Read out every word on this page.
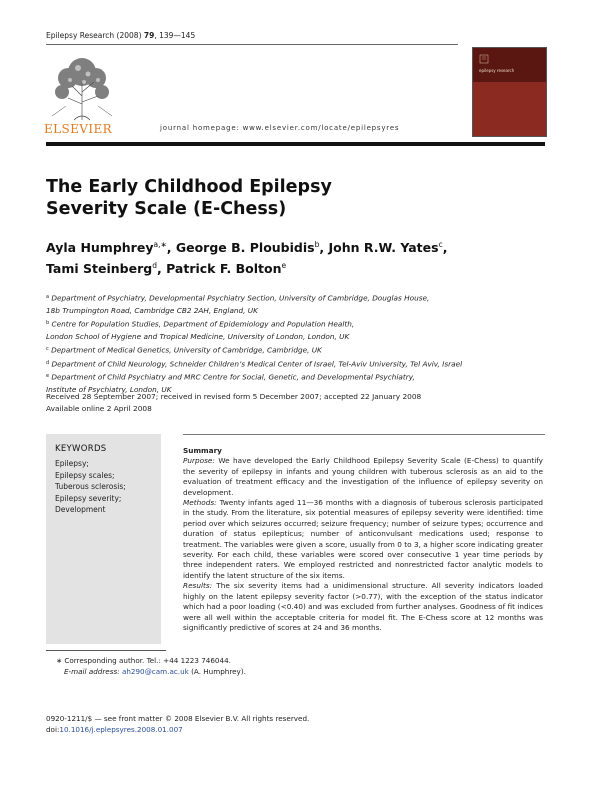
Epilepsy Research (2008) 79, 139—145
ELSEVIER	journal homepage: www.elsevier.com/locate/epilepsyres
epilepsy research
The Early Childhood Epilepsy
Severity Scale (E-Chess)
Ayla Humphrey$^{a,∗}$, George B. Ploubidis$^b$, John R.W. Yates$^c$,
Tami Steinberg$^d$, Patrick F. Bolton$^e$
$^a$ Department of Psychiatry, Developmental Psychiatry Section, University of Cambridge, Douglas House,
18b Trumpington Road, Cambridge CB2 2AH, England, UK
$^b$ Centre for Population Studies, Department of Epidemiology and Population Health,
London School of Hygiene and Tropical Medicine, University of London, London, UK
$^c$ Department of Medical Genetics, University of Cambridge, Cambridge, UK
$^d$ Department of Child Neurology, Schneider Children’s Medical Center of Israel, Tel-Aviv University, Tel Aviv, Israel
$^e$ Department of Child Psychiatry and MRC Centre for Social, Genetic, and Developmental Psychiatry,
Institute of Psychiatry, London, UK
Received 28 September 2007; received in revised form 5 December 2007; accepted 22 January 2008
Available online 2 April 2008
KEYWORDS
Epilepsy;
Epilepsy scales;
Tuberous sclerosis;
Epilepsy severity;
Development

Summary

Purpose: We have developed the Early Childhood Epilepsy Severity Scale (E-Chess) to quantify the severity of epilepsy in infants and young children with tuberous sclerosis as an aid to the evaluation of treatment efficacy and the investigation of the influence of epilepsy severity on development.

Methods: Twenty infants aged 11—36 months with a diagnosis of tuberous sclerosis participated in the study. From the literature, six potential measures of epilepsy severity were identified: time period over which seizures occurred; seizure frequency; number of seizure types; occurrence and duration of status epilepticus; number of anticonvulsant medications used; response to treatment. The variables were given a score, usually from 0 to 3, a higher score indicating greater severity. For each child, these variables were scored over consecutive 1 year time periods by three independent raters. We employed restricted and nonrestricted factor analytic models to identify the latent structure of the six items.

Results: The six severity items had a unidimensional structure. All severity indicators loaded highly on the latent epilepsy severity factor (>0.77), with the exception of the status indicator which had a poor loading (<0.40) and was excluded from further analyses. Goodness of fit indices were all well within the acceptable criteria for model fit. The E-Chess score at 12 months was significantly predictive of scores at 24 and 36 months.

∗ Corresponding author. Tel.: +44 1223 746044.
E-mail address: ah290@cam.ac.uk (A. Humphrey).
0920-1211/$ — see front matter © 2008 Elsevier B.V. All rights reserved.
doi:10.1016/j.eplepsyres.2008.01.007
